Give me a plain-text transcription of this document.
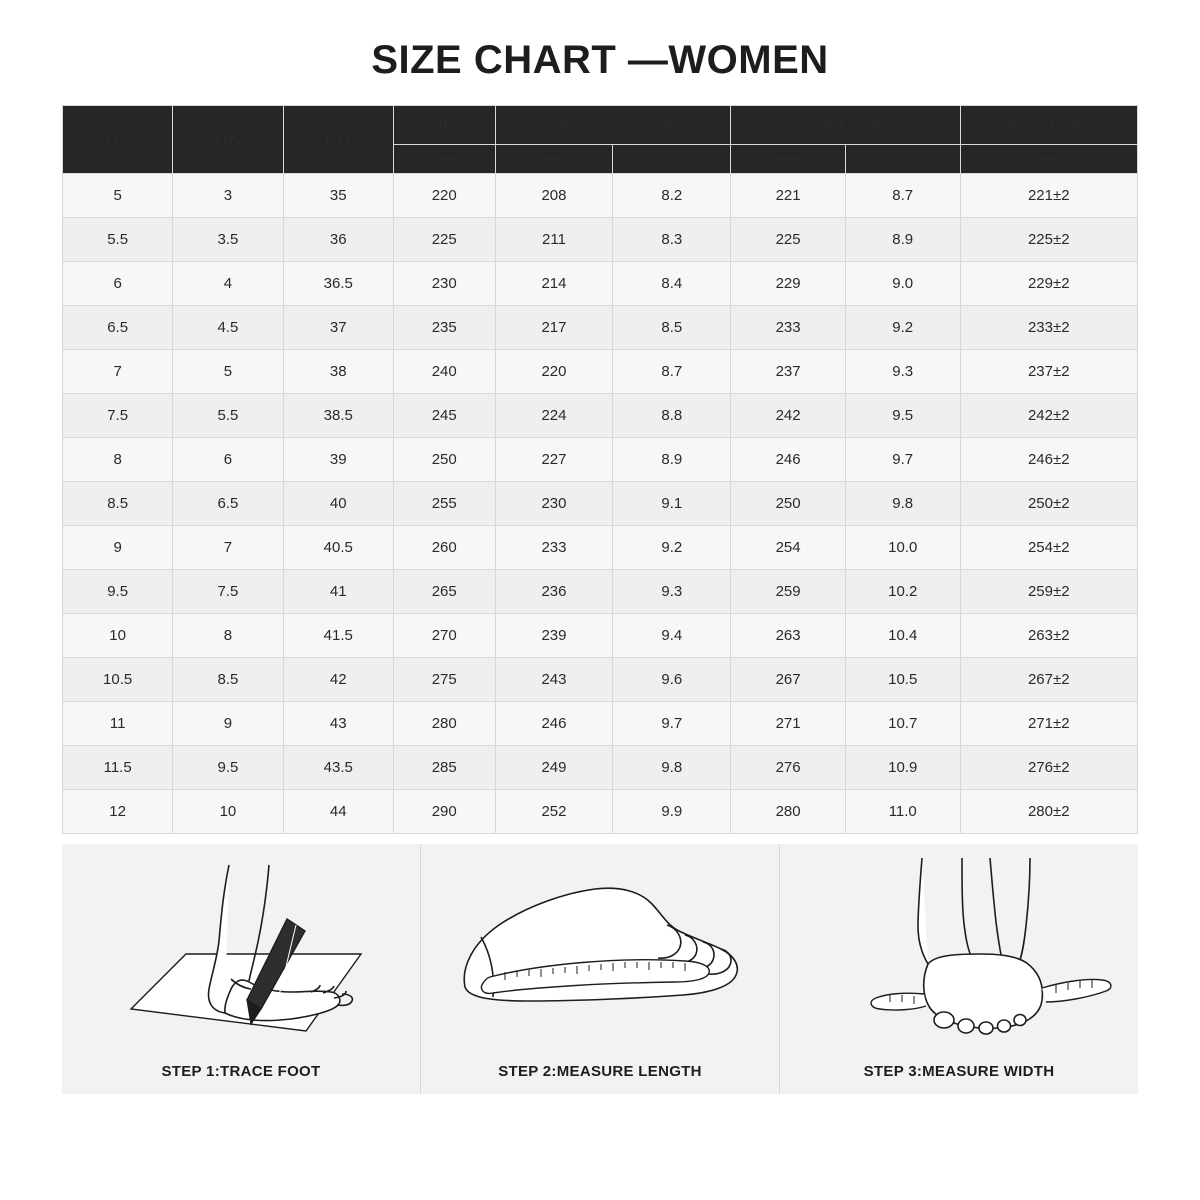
SIZE CHART —WOMEN
US	UK	EU	JP	Width circumference		Foot Length		Fitting Range
			mm	mm	in	mm	in	mm
5	3	35	220	208	8.2	221	8.7	221±2
5.5	3.5	36	225	211	8.3	225	8.9	225±2
6	4	36.5	230	214	8.4	229	9.0	229±2
6.5	4.5	37	235	217	8.5	233	9.2	233±2
7	5	38	240	220	8.7	237	9.3	237±2
7.5	5.5	38.5	245	224	8.8	242	9.5	242±2
8	6	39	250	227	8.9	246	9.7	246±2
8.5	6.5	40	255	230	9.1	250	9.8	250±2
9	7	40.5	260	233	9.2	254	10.0	254±2
9.5	7.5	41	265	236	9.3	259	10.2	259±2
10	8	41.5	270	239	9.4	263	10.4	263±2
10.5	8.5	42	275	243	9.6	267	10.5	267±2
11	9	43	280	246	9.7	271	10.7	271±2
11.5	9.5	43.5	285	249	9.8	276	10.9	276±2
12	10	44	290	252	9.9	280	11.0	280±2
STEP 1:TRACE FOOT	STEP 2:MEASURE LENGTH	STEP 3:MEASURE WIDTH
